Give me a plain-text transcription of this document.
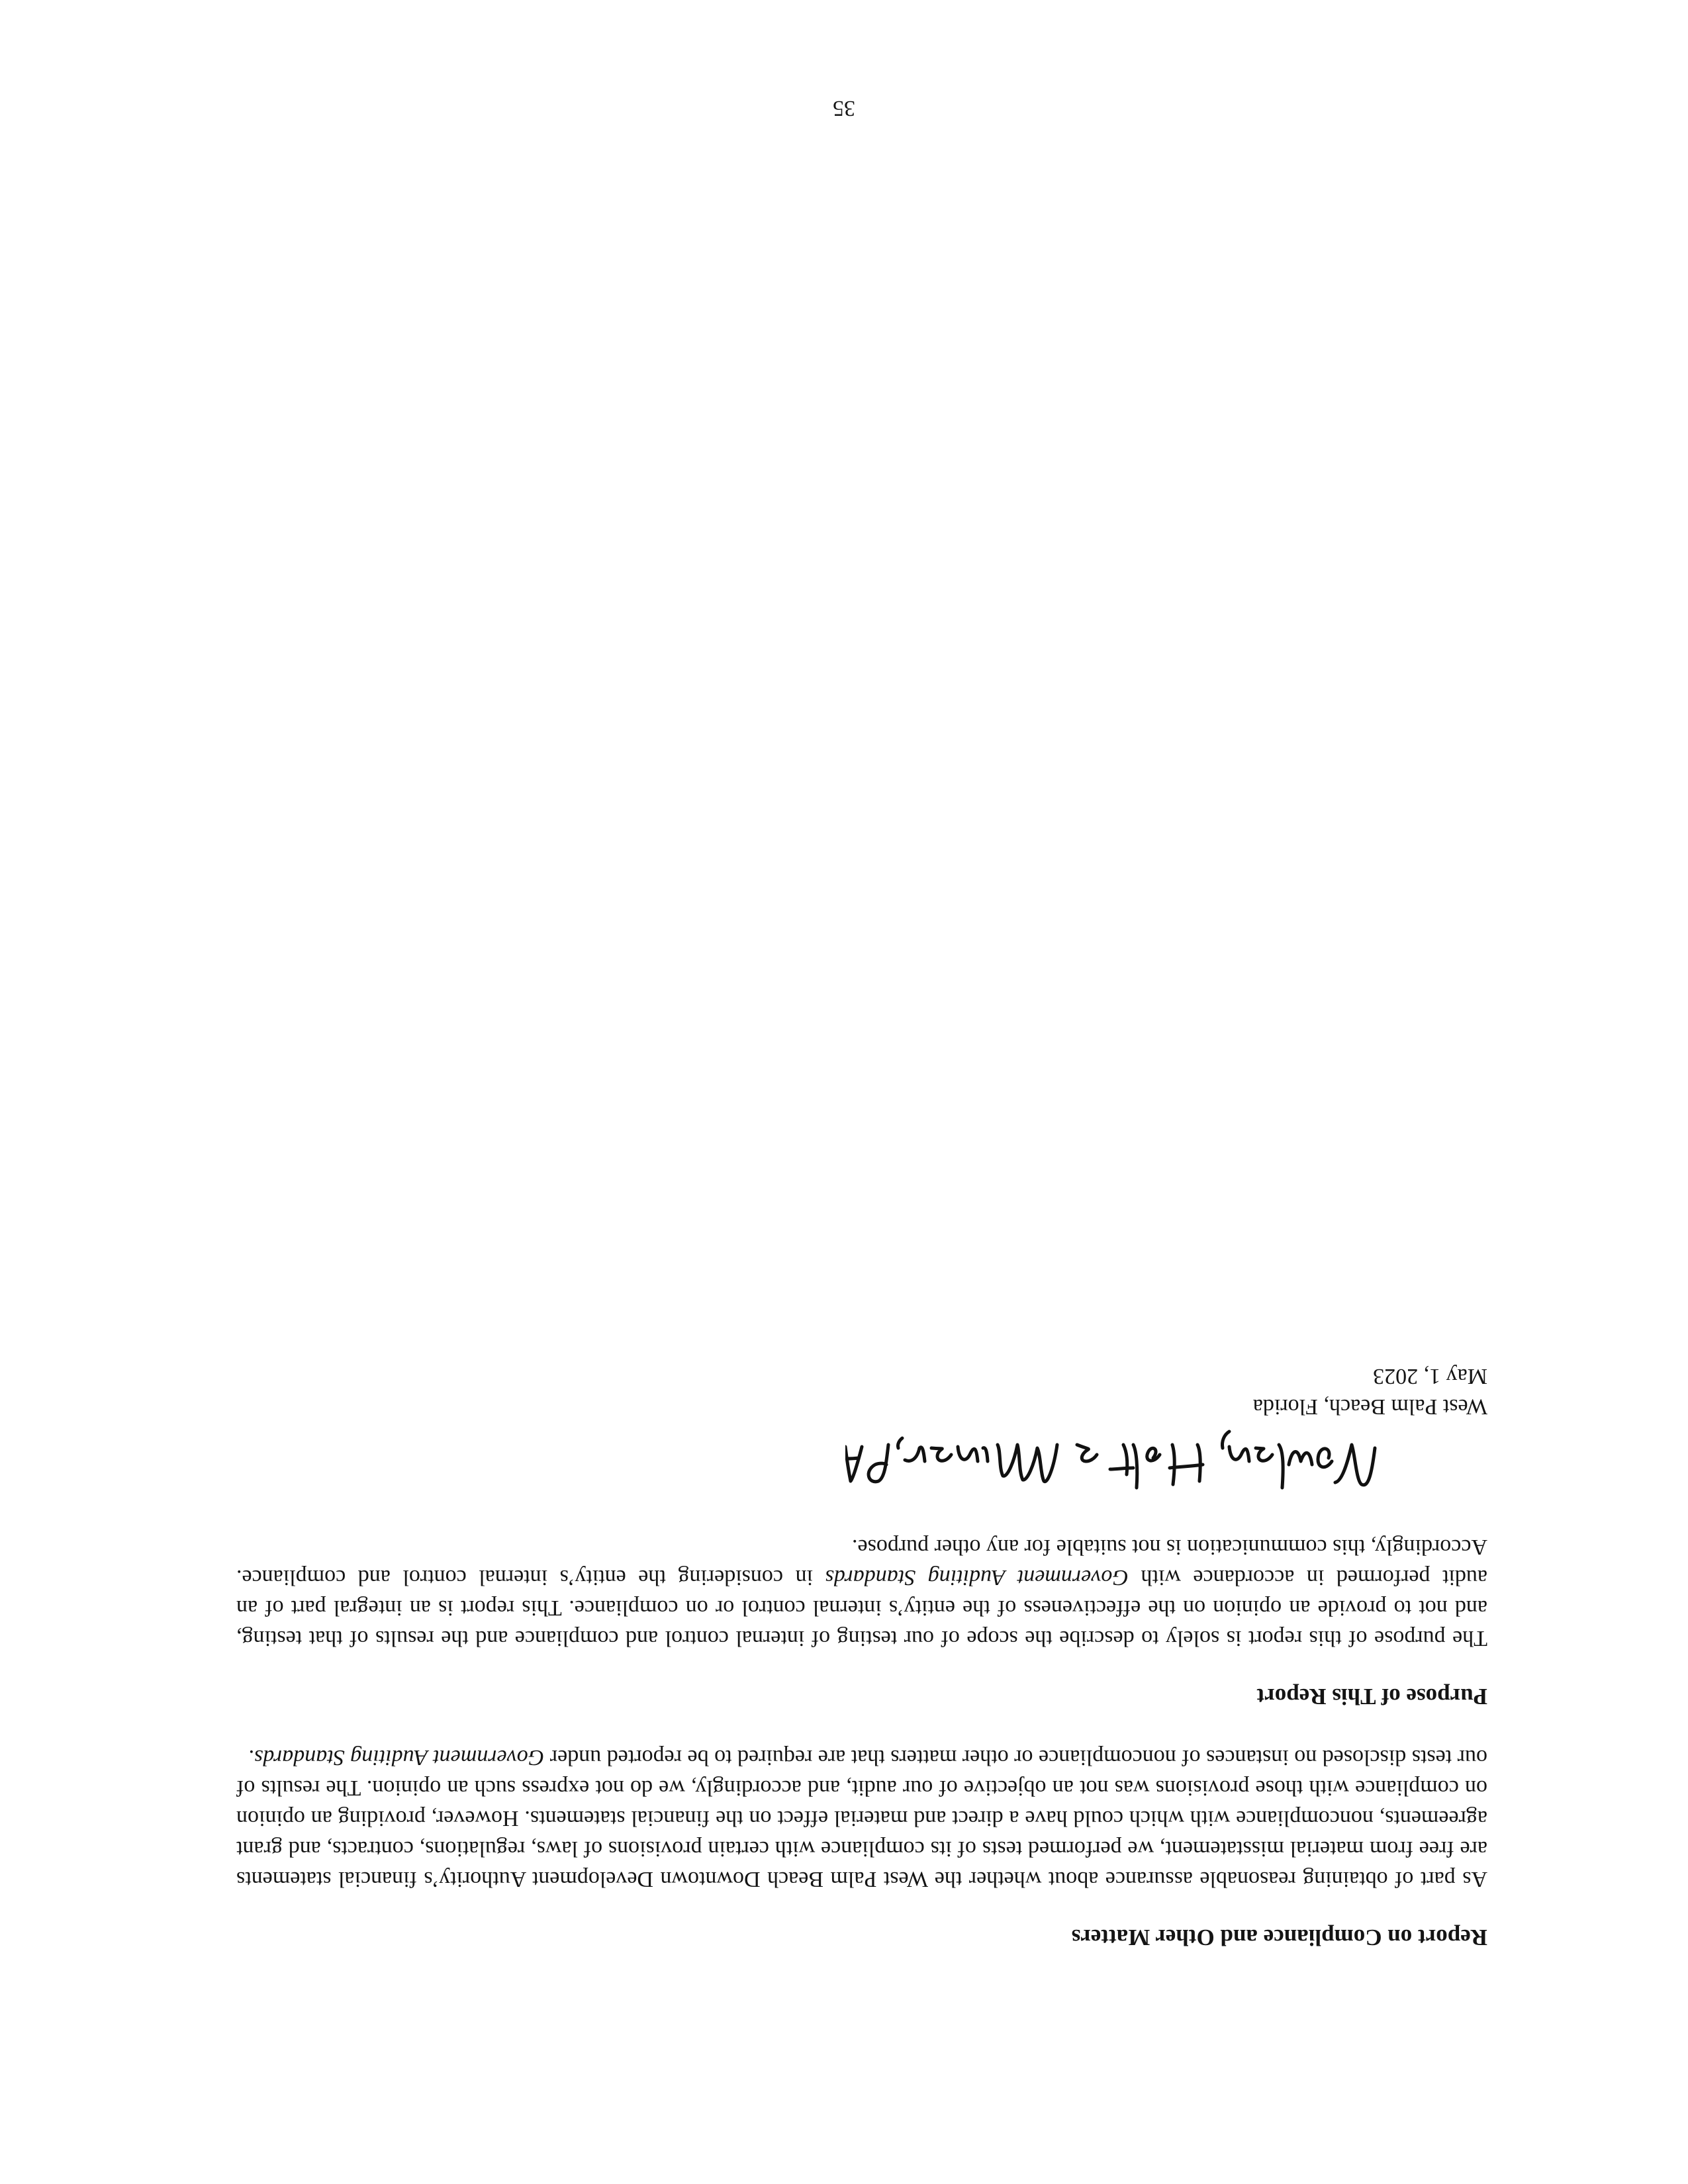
Report on Compliance and Other Matters

As part of obtaining reasonable assurance about whether the West Palm Beach Downtown Development Authority’s financial statements are free from material misstatement, we performed tests of its compliance with certain provisions of laws, regulations, contracts, and grant agreements, noncompliance with which could have a direct and material effect on the financial statements. However, providing an opinion on compliance with those provisions was not an objective of our audit, and accordingly, we do not express such an opinion. The results of our tests disclosed no instances of noncompliance or other matters that are required to be reported under Government Auditing Standards.

Purpose of This Report

The purpose of this report is solely to describe the scope of our testing of internal control and compliance and the results of that testing, and not to provide an opinion on the effectiveness of the entity’s internal control or on compliance. This report is an integral part of an audit performed in accordance with Government Auditing Standards in considering the entity’s internal control and compliance. Accordingly, this communication is not suitable for any other purpose.

West Palm Beach, Florida
May 1, 2023
35
